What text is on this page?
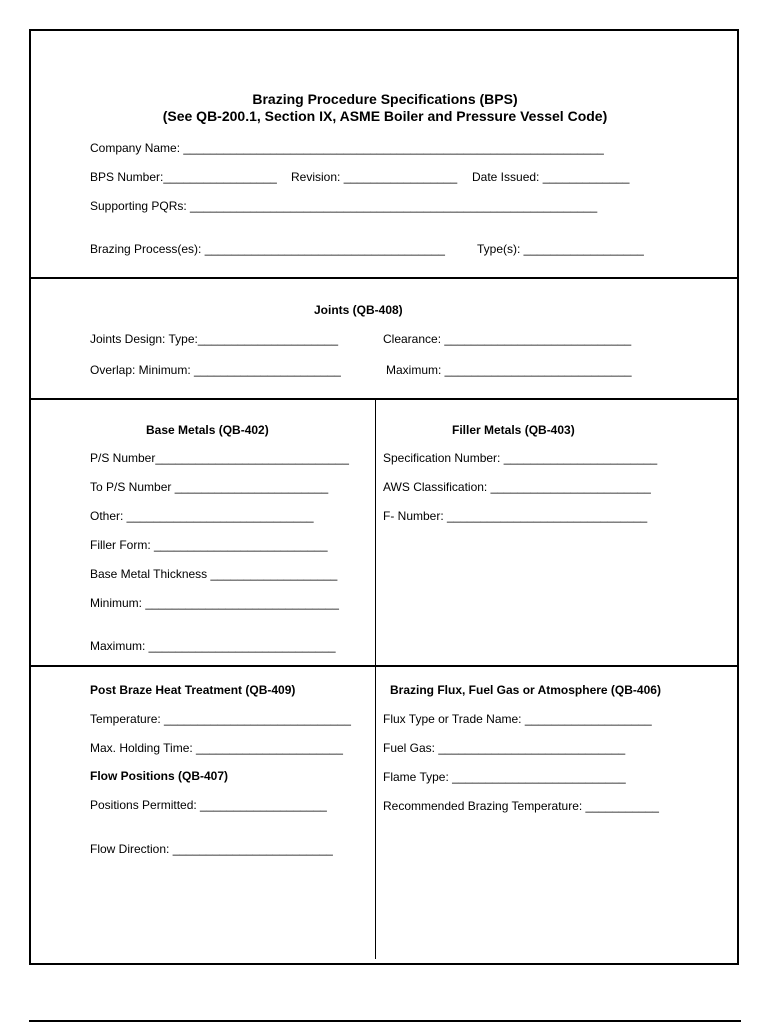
Brazing Procedure Specifications (BPS)
(See QB-200.1, Section IX, ASME Boiler and Pressure Vessel Code)
Company Name: _______________________________________________________________
BPS Number:_________________ Revision: _________________ Date Issued: _____________
Supporting PQRs: _____________________________________________________________
Brazing Process(es): ____________________________________	Type(s): __________________
Joints (QB-408)
Joints Design: Type:_____________________	Clearance: ____________________________
Overlap: Minimum: ______________________	Maximum: ____________________________
Base Metals (QB-402)
P/S Number_____________________________
To P/S Number _______________________
Other: ____________________________
Filler Form: __________________________
Base Metal Thickness ___________________
Minimum: _____________________________
Maximum: ____________________________
Filler Metals (QB-403)
Specification Number: _______________________
AWS Classification: ________________________
F- Number: ______________________________
Post Braze Heat Treatment (QB-409)
Temperature: ____________________________
Max. Holding Time: ______________________
Flow Positions (QB-407)
Positions Permitted: ___________________
Flow Direction: ________________________
Brazing Flux, Fuel Gas or Atmosphere (QB-406)
Flux Type or Trade Name: ___________________
Fuel Gas: ____________________________
Flame Type: __________________________
Recommended Brazing Temperature: ___________
